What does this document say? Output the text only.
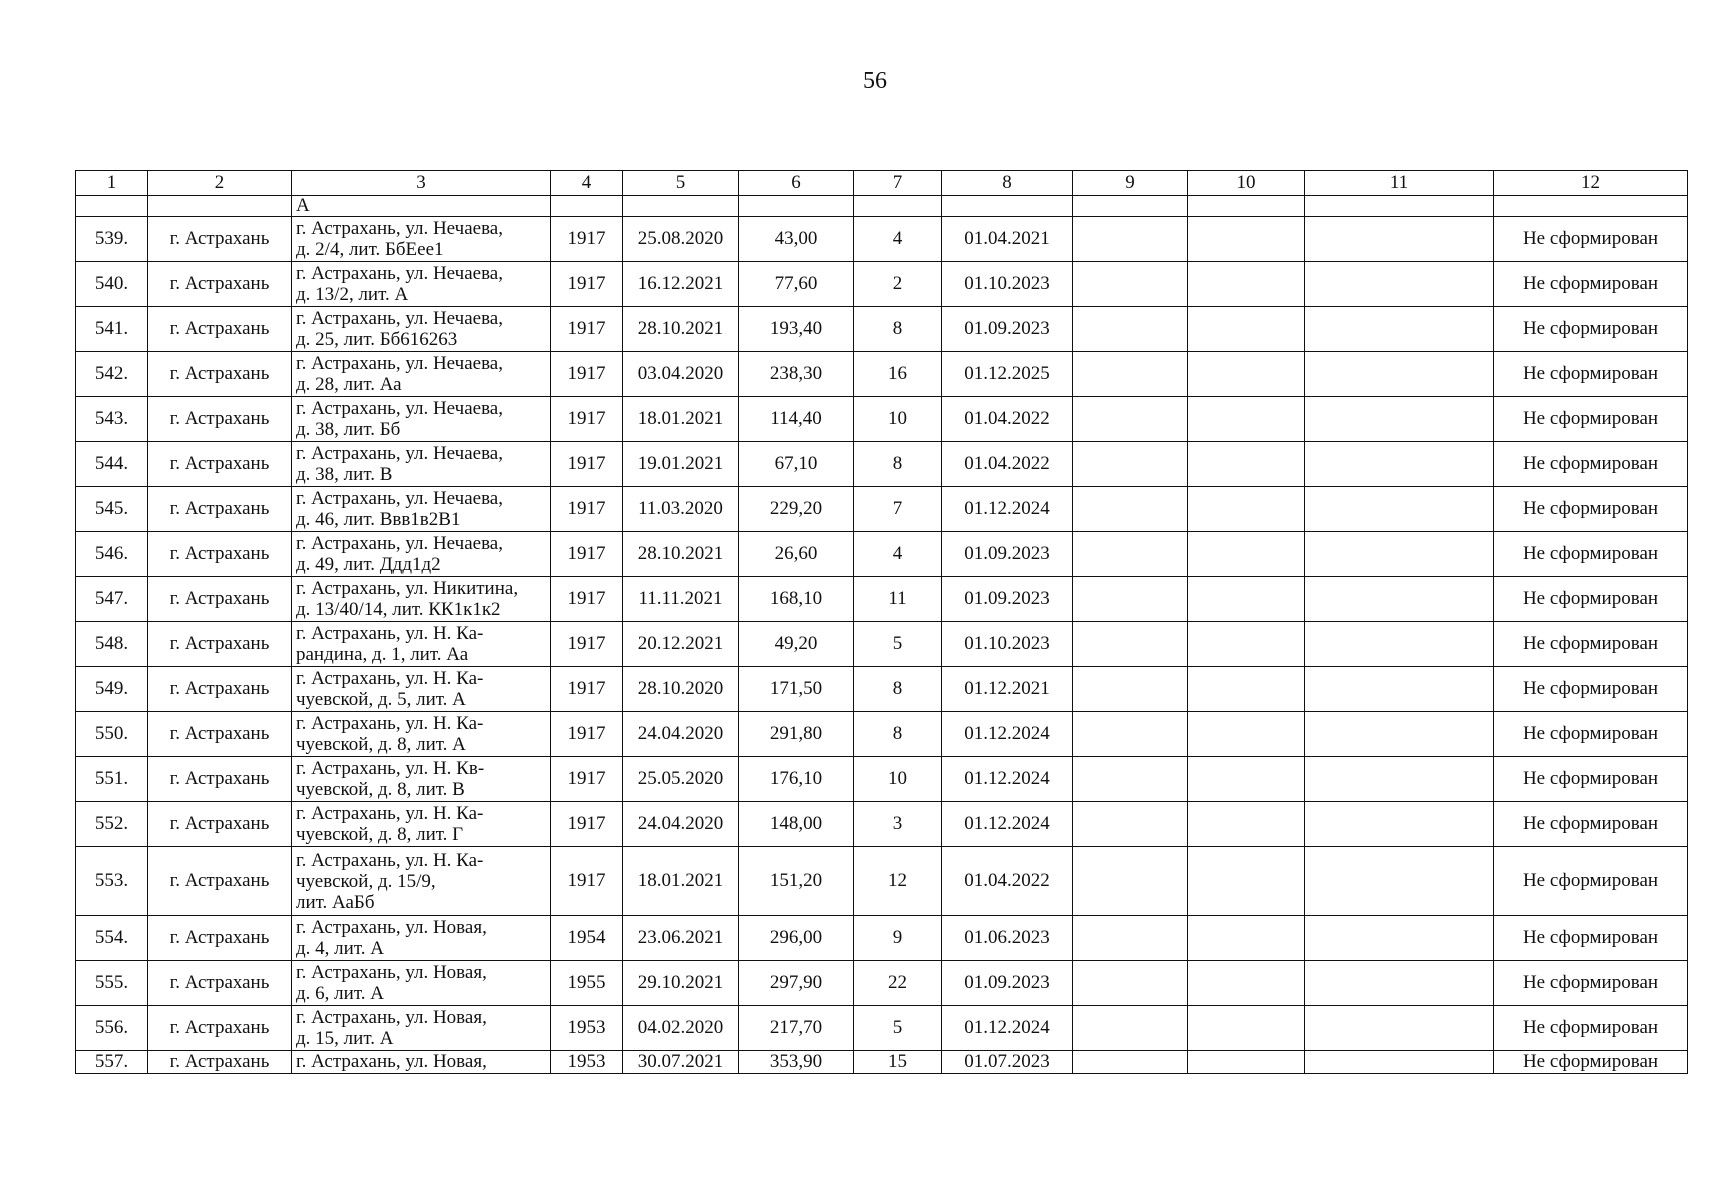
56
1	2	3	4	5	6	7	8	9	10	11	12
		А									
539.	г. Астрахань	г. Астрахань, ул. Нечаева,
д. 2/4, лит. БбЕее1	1917	25.08.2020	43,00	4	01.04.2021				Не сформирован
540.	г. Астрахань	г. Астрахань, ул. Нечаева,
д. 13/2, лит. А	1917	16.12.2021	77,60	2	01.10.2023				Не сформирован
541.	г. Астрахань	г. Астрахань, ул. Нечаева,
д. 25, лит. Бб616263	1917	28.10.2021	193,40	8	01.09.2023				Не сформирован
542.	г. Астрахань	г. Астрахань, ул. Нечаева,
д. 28, лит. Аа	1917	03.04.2020	238,30	16	01.12.2025				Не сформирован
543.	г. Астрахань	г. Астрахань, ул. Нечаева,
д. 38, лит. Бб	1917	18.01.2021	114,40	10	01.04.2022				Не сформирован
544.	г. Астрахань	г. Астрахань, ул. Нечаева,
д. 38, лит. В	1917	19.01.2021	67,10	8	01.04.2022				Не сформирован
545.	г. Астрахань	г. Астрахань, ул. Нечаева,
д. 46, лит. Ввв1в2В1	1917	11.03.2020	229,20	7	01.12.2024				Не сформирован
546.	г. Астрахань	г. Астрахань, ул. Нечаева,
д. 49, лит. Ддд1д2	1917	28.10.2021	26,60	4	01.09.2023				Не сформирован
547.	г. Астрахань	г. Астрахань, ул. Никитина,
д. 13/40/14, лит. КК1к1к2	1917	11.11.2021	168,10	11	01.09.2023				Не сформирован
548.	г. Астрахань	г. Астрахань, ул. Н. Ка-
рандина, д. 1, лит. Аа	1917	20.12.2021	49,20	5	01.10.2023				Не сформирован
549.	г. Астрахань	г. Астрахань, ул. Н. Ка-
чуевской, д. 5, лит. А	1917	28.10.2020	171,50	8	01.12.2021				Не сформирован
550.	г. Астрахань	г. Астрахань, ул. Н. Ка-
чуевской, д. 8, лит. А	1917	24.04.2020	291,80	8	01.12.2024				Не сформирован
551.	г. Астрахань	г. Астрахань, ул. Н. Кв-
чуевской, д. 8, лит. В	1917	25.05.2020	176,10	10	01.12.2024				Не сформирован
552.	г. Астрахань	г. Астрахань, ул. Н. Ка-
чуевской, д. 8, лит. Г	1917	24.04.2020	148,00	3	01.12.2024				Не сформирован
553.	г. Астрахань	г. Астрахань, ул. Н. Ка-
чуевской, д. 15/9,
лит. АаБб	1917	18.01.2021	151,20	12	01.04.2022				Не сформирован
554.	г. Астрахань	г. Астрахань, ул. Новая,
д. 4, лит. А	1954	23.06.2021	296,00	9	01.06.2023				Не сформирован
555.	г. Астрахань	г. Астрахань, ул. Новая,
д. 6, лит. А	1955	29.10.2021	297,90	22	01.09.2023				Не сформирован
556.	г. Астрахань	г. Астрахань, ул. Новая,
д. 15, лит. А	1953	04.02.2020	217,70	5	01.12.2024				Не сформирован
557.	г. Астрахань	г. Астрахань, ул. Новая,	1953	30.07.2021	353,90	15	01.07.2023				Не сформирован
